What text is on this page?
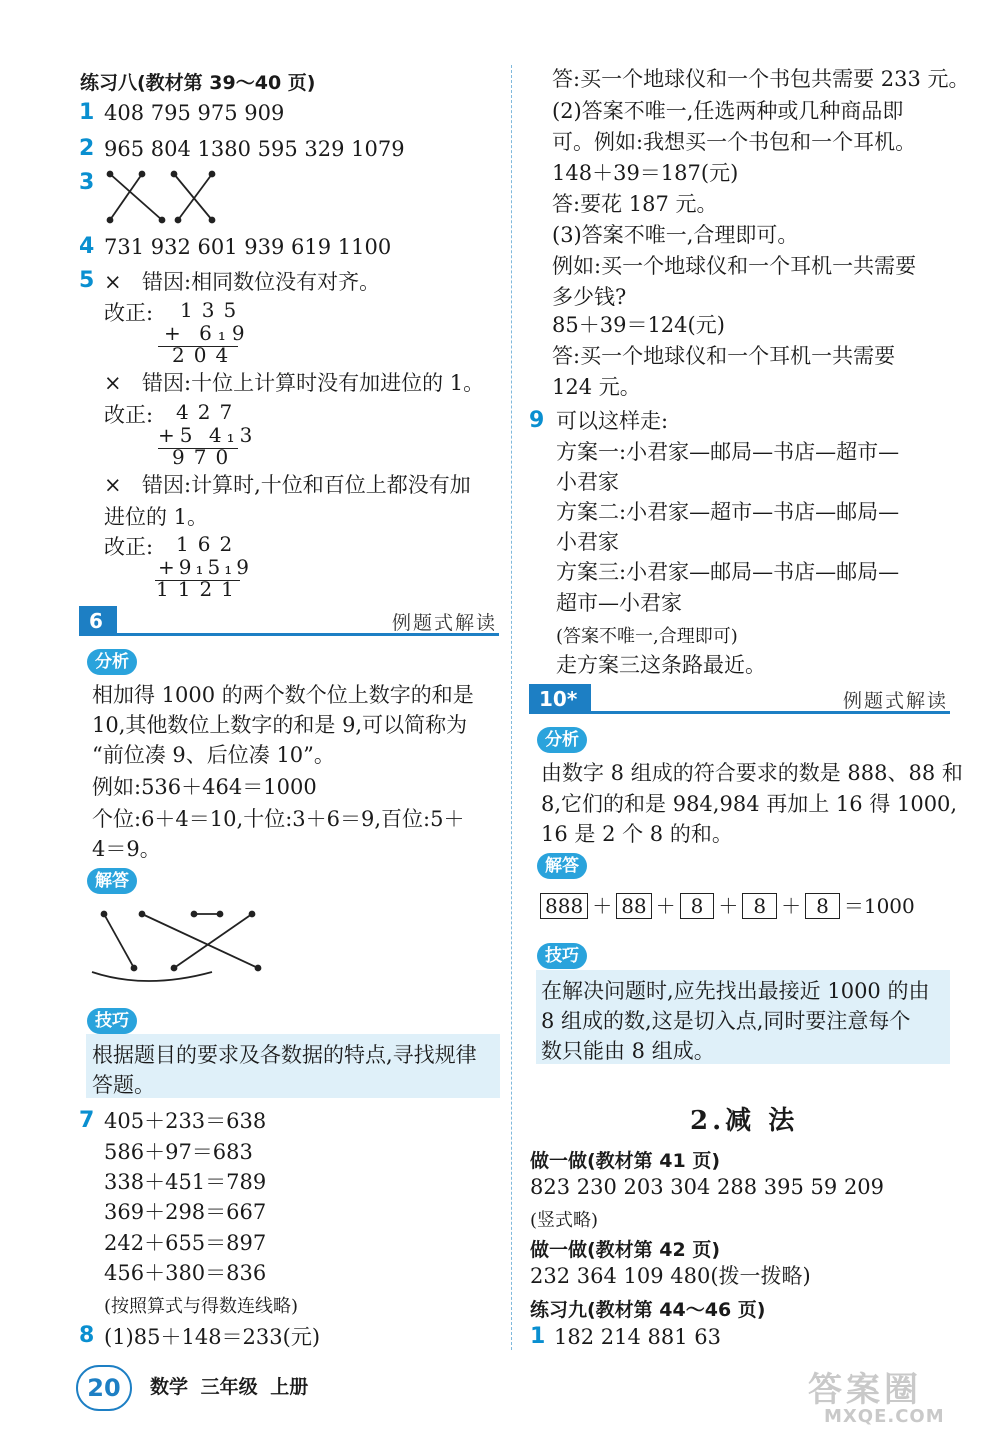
练习八(教材第 39～40 页)
1 408 795 975 909
2 965 804 1380 595 329 1079
3
4 731 932 601 939 619 1100
5 × 错因:相同数位没有对齐。
改正: 135
+ 6₁9
204
× 错因:十位上计算时没有加进位的 1。
改正: 427
+5 4₁3
970
× 错因:计算时,十位和百位上都没有加
进位的 1。
改正: 162
+9₁5₁9
1121
6	例题式解读
分析
相加得 1000 的两个数个位上数字的和是
10,其他数位上数字的和是 9,可以简称为
“前位凑 9、后位凑 10”。
例如:536＋464＝1000
个位:6＋4＝10,十位:3＋6＝9,百位:5＋
4＝9。
解答
技巧
根据题目的要求及各数据的特点,寻找规律
答题。
7 405＋233＝638
586＋97＝683
338＋451＝789
369＋298＝667
242＋655＝897
456＋380＝836
(按照算式与得数连线略)
8 (1)85＋148＝233(元)
答:买一个地球仪和一个书包共需要 233 元。
(2)答案不唯一,任选两种或几种商品即
可。例如:我想买一个书包和一个耳机。
148＋39＝187(元)
答:要花 187 元。
(3)答案不唯一,合理即可。
例如:买一个地球仪和一个耳机一共需要
多少钱?
85＋39＝124(元)
答:买一个地球仪和一个耳机一共需要
124 元。
9 可以这样走:
方案一:小君家—邮局—书店—超市—
小君家
方案二:小君家—超市—书店—邮局—
小君家
方案三:小君家—邮局—书店—邮局—
超市—小君家
(答案不唯一,合理即可)
走方案三这条路最近。
10*	例题式解读
分析
由数字 8 组成的符合要求的数是 888、88 和
8,它们的和是 984,984 再加上 16 得 1000,
16 是 2 个 8 的和。
解答
888 ＋ 88 ＋ 8 ＋ 8 ＋ 8 ＝1000
技巧
在解决问题时,应先找出最接近 1000 的由
8 组成的数,这是切入点,同时要注意每个
数只能由 8 组成。
2.减 法
做一做(教材第 41 页)
823 230 203 304 288 395 59 209
(竖式略)
做一做(教材第 42 页)
232 364 109 480(拨一拨略)
练习九(教材第 44～46 页)
1 182 214 881 63
20	数学 三年级 上册	答案圈
MXQE.COM
